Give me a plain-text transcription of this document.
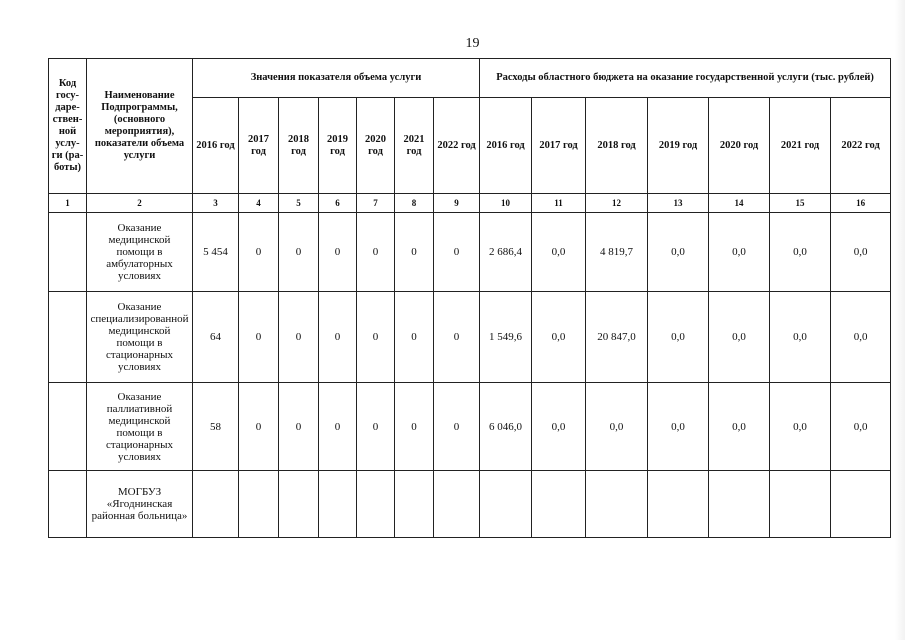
19
Код госу-даре-ствен-ной услу-ги (ра-боты)	Наименование Подпрограммы, (основного мероприятия), показатели объема услуги	Значения показателя объема услуги							Расходы областного бюджета на оказание государственной услуги (тыс. рублей)						
		2016 год	2017 год	2018 год	2019 год	2020 год	2021 год	2022 год	2016 год	2017 год	2018 год	2019 год	2020 год	2021 год	2022 год
1	2	3	4	5	6	7	8	9	10	11	12	13	14	15	16
	Оказание медицинской помощи в амбулаторных условиях	5 454	0	0	0	0	0	0	2 686,4	0,0	4 819,7	0,0	0,0	0,0	0,0
	Оказание специализированной медицинской помощи в стационарных условиях	64	0	0	0	0	0	0	1 549,6	0,0	20 847,0	0,0	0,0	0,0	0,0
	Оказание паллиативной медицинской помощи в стационарных условиях	58	0	0	0	0	0	0	6 046,0	0,0	0,0	0,0	0,0	0,0	0,0
	МОГБУЗ «Ягоднинская районная больница»														
